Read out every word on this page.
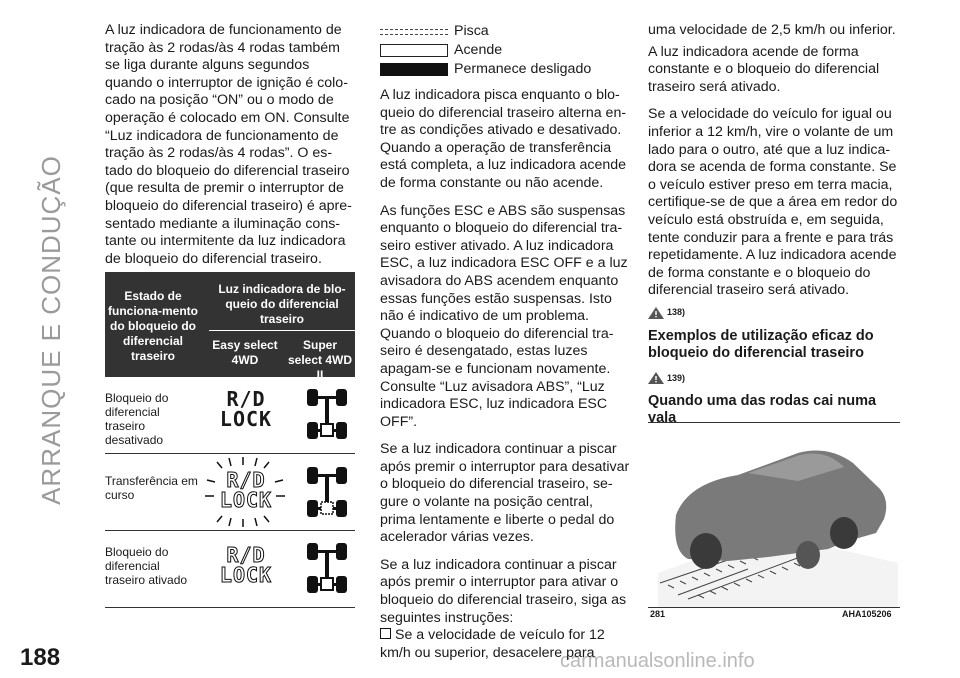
ARRANQUE E CONDUÇÃO
188	carmanualsonline.info

A luz indicadora de funcionamento de tração às 2 rodas/às 4 rodas também se liga durante alguns segundos quando o interruptor de ignição é colo-cado na posição “ON” ou o modo de operação é colocado em ON. Consulte “Luz indicadora de funcionamento de tração às 2 rodas/às 4 rodas”. O es-tado do bloqueio do diferencial traseiro (que resulta de premir o interruptor de bloqueio do diferencial traseiro) é apre-sentado mediante a iluminação cons-tante ou intermitente da luz indicadora de bloqueio do diferencial traseiro.

Estado de funciona-mento do bloqueio do diferencial traseiro
Luz indicadora de blo-queio do diferencial traseiro
Easy select 4WD
Super select 4WD II
Bloqueio do diferencial traseiro desativado
R/D
LOCK
Transferência em curso
R/D
LOCK
Bloqueio do diferencial traseiro ativado
R/D
LOCK
Pisca
Acende
Permanece desligado

A luz indicadora pisca enquanto o blo-queio do diferencial traseiro alterna en-tre as condições ativado e desativado. Quando a operação de transferência está completa, a luz indicadora acende de forma constante ou não acende.

As funções ESC e ABS são suspensas enquanto o bloqueio do diferencial tra-seiro estiver ativado. A luz indicadora ESC, a luz indicadora ESC OFF e a luz avisadora do ABS acendem enquanto essas funções estão suspensas. Isto não é indicativo de um problema. Quando o bloqueio do diferencial tra-seiro é desengatado, estas luzes apagam-se e funcionam novamente. Consulte “Luz avisadora ABS”, “Luz indicadora ESC, luz indicadora ESC OFF”.

Se a luz indicadora continuar a piscar após premir o interruptor para desativar o bloqueio do diferencial traseiro, se-gure o volante na posição central, prima lentamente e liberte o pedal do acelerador várias vezes.

Se a luz indicadora continuar a piscar após premir o interruptor para ativar o bloqueio do diferencial traseiro, siga as seguintes instruções:

Se a velocidade de veículo for 12 km/h ou superior, desacelere para

uma velocidade de 2,5 km/h ou inferior.

A luz indicadora acende de forma constante e o bloqueio do diferencial traseiro será ativado.

Se a velocidade do veículo for igual ou inferior a 12 km/h, vire o volante de um lado para o outro, até que a luz indica-dora se acenda de forma constante. Se o veículo estiver preso em terra macia, certifique-se de que a área em redor do veículo está obstruída e, em seguida, tente conduzir para a frente e para trás repetidamente. A luz indicadora acende de forma constante e o bloqueio do diferencial traseiro será ativado.

138)
Exemplos de utilização eficaz do bloqueio do diferencial traseiro
139)
Quando uma das rodas cai numa vala
281	AHA105206
